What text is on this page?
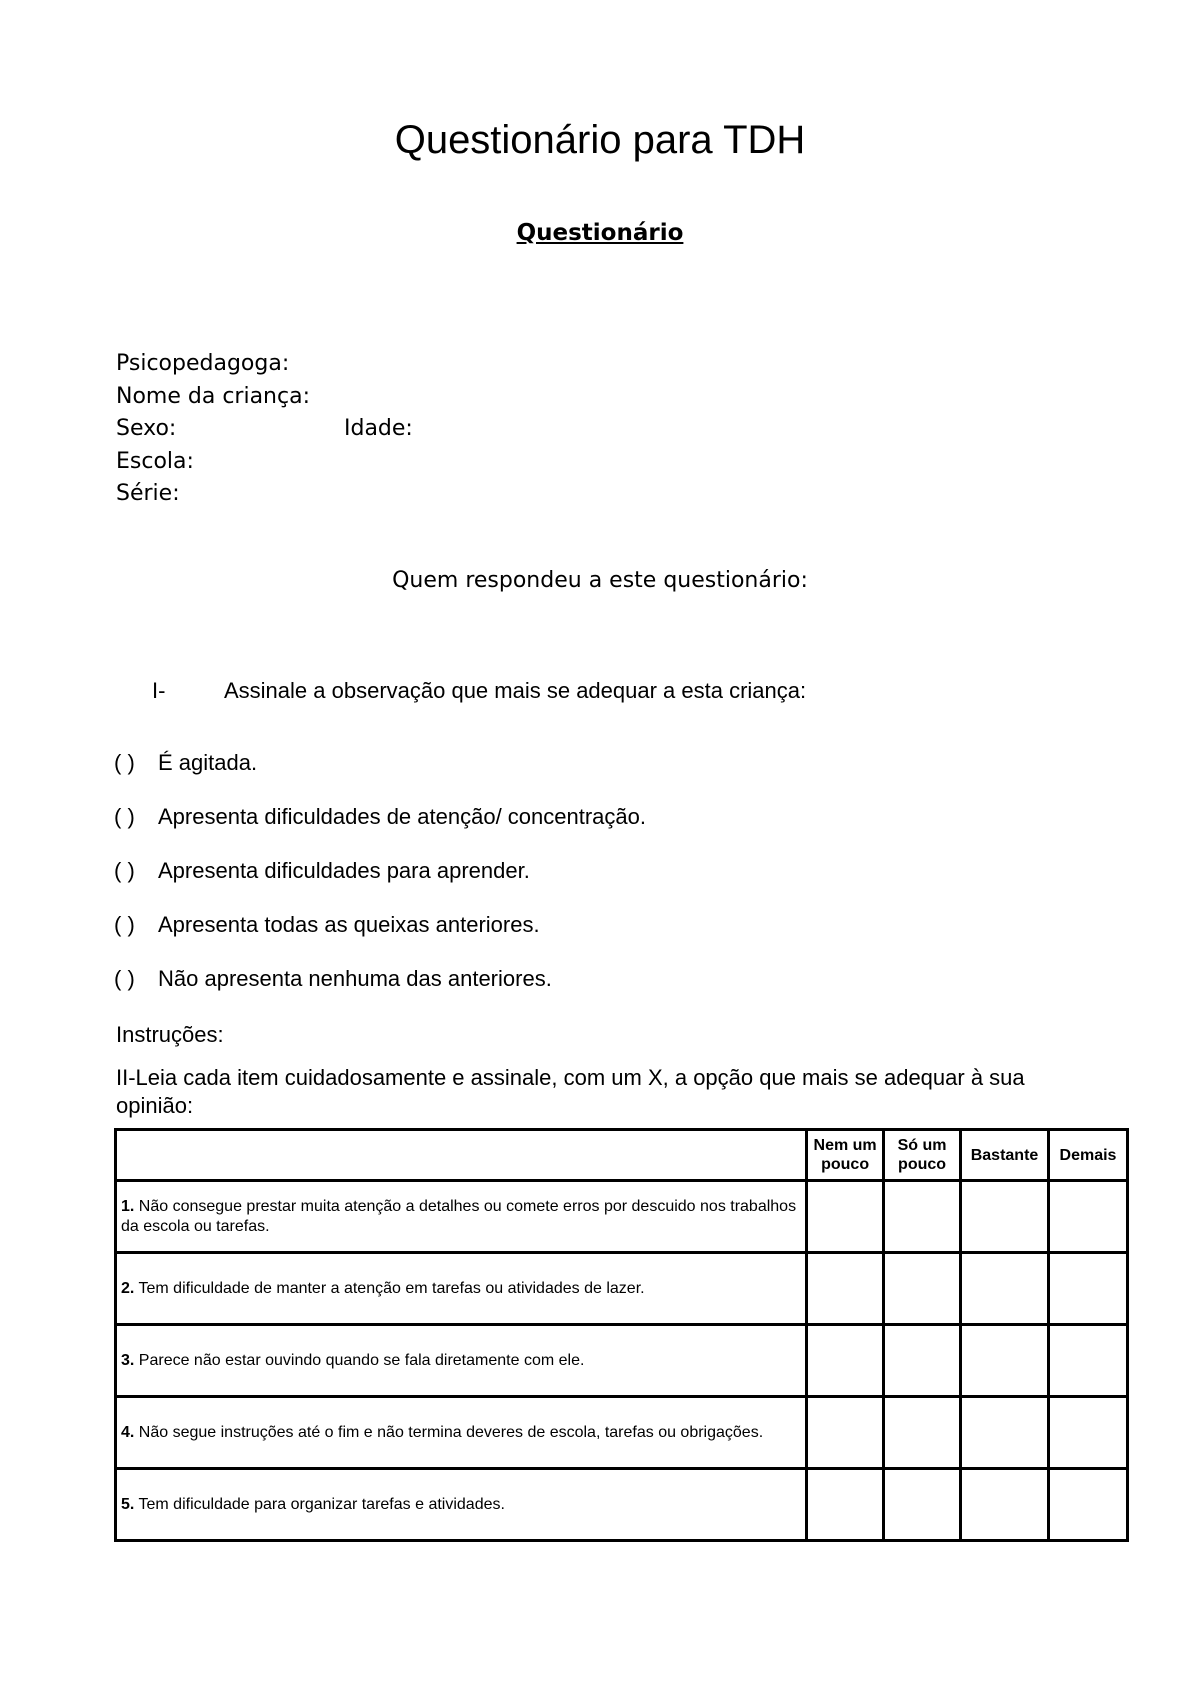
Questionário para TDH
Questionário
Psicopedagoga:
Nome da criança:
Sexo:	Idade:
Escola:
Série:
Quem respondeu a este questionário:
I-	Assinale a observação que mais se adequar a esta criança:
( ) É agitada.
( ) Apresenta dificuldades de atenção/ concentração.
( ) Apresenta dificuldades para aprender.
( ) Apresenta todas as queixas anteriores.
( ) Não apresenta nenhuma das anteriores.
Instruções:
II-Leia cada item cuidadosamente e assinale, com um X, a opção que mais se adequar à sua opinião:
	Nem um pouco	Só um pouco	Bastante	Demais
1. Não consegue prestar muita atenção a detalhes ou comete erros por descuido nos trabalhos da escola ou tarefas.				
2. Tem dificuldade de manter a atenção em tarefas ou atividades de lazer.				
3. Parece não estar ouvindo quando se fala diretamente com ele.				
4. Não segue instruções até o fim e não termina deveres de escola, tarefas ou obrigações.				
5. Tem dificuldade para organizar tarefas e atividades.				
